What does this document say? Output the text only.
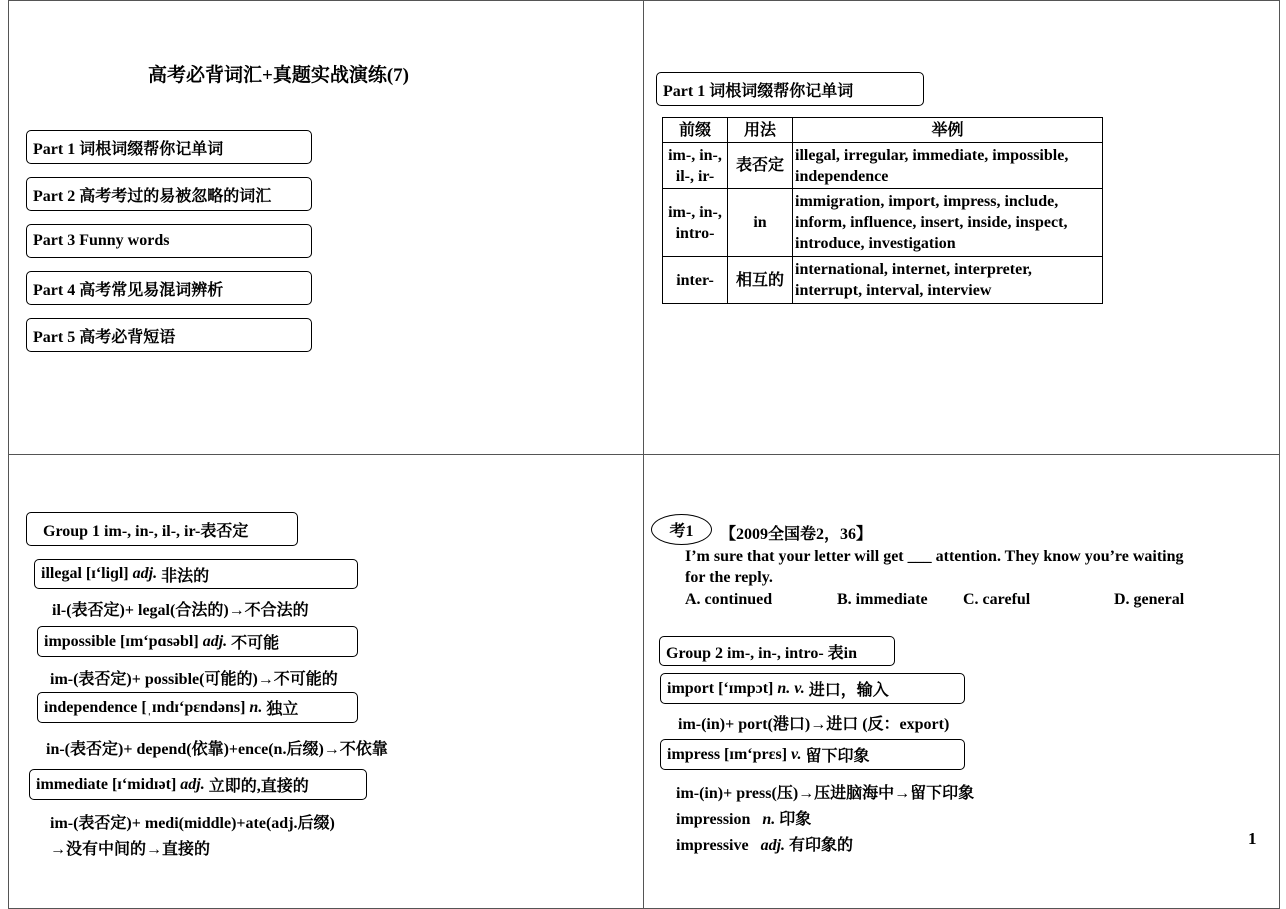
高考必背词汇+真题实战演练(7)
Part 1 词根词缀帮你记单词
Part 2 高考考过的易被忽略的词汇
Part 3 Funny words
Part 4 高考常见易混词辨析
Part 5 高考必背短语
Part 1 词根词缀帮你记单词
前缀	用法	举例
im-, in-, il-, ir-	表否定	illegal, irregular, immediate, impossible, independence
im-, in-, intro-	in	immigration, import, impress, include, inform, influence, insert, inside, inspect, introduce, investigation
inter-	相互的	international, internet, interpreter, interrupt, interval, interview
Group 1 im-, in-, il-, ir-表否定
illegal [ɪ‘liɡl]
adj.
非法的
il-(表否定)+ legal(合法的)→不合法的
impossible [ɪm‘pɑsəbl]
adj.
不可能
im-(表否定)+ possible(可能的)→不可能的
independence [ˌɪndɪ‘pɛndəns]
n.
独立
in-(表否定)+ depend(依靠)+ence(n.后缀)→不依靠
immediate [ɪ‘midɪət]
adj.
立即的,直接的
im-(表否定)+ medi(middle)+ate(adj.后缀)
→没有中间的→直接的
考1 【2009全国卷2，36】
I’m sure that your letter will get ___ attention. They know you’re waiting
for the reply.
A. continued	B. immediate C. careful	D. general
Group 2 im-, in-, intro- 表in
import [‘ɪmpɔt]
n. v.
进口，输入
im-(in)+ port(港口)→进口 (反：export)
impress [ɪm‘prɛs]
v.
留下印象
im-(in)+ press(压)→压进脑海中→留下印象
impression n. 印象
impressive adj. 有印象的	1
